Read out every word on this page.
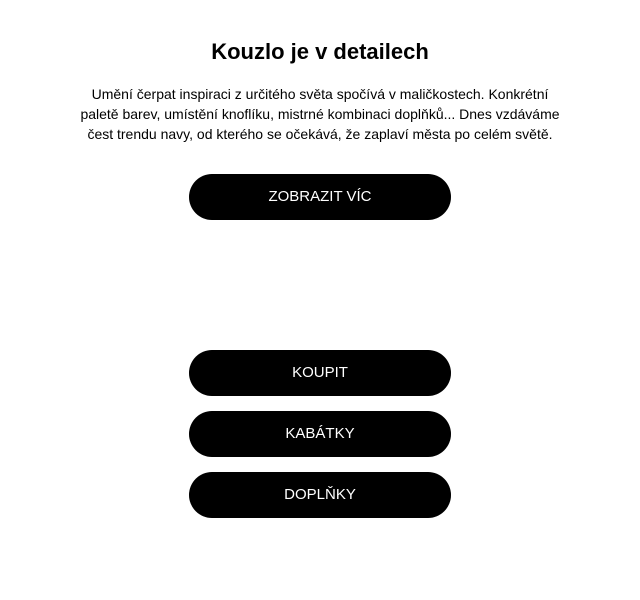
Kouzlo je v detailech

Umění čerpat inspiraci z určitého světa spočívá v maličkostech. Konkrétní paletě barev, umístění knoflíku, mistrné kombinaci doplňků... Dnes vzdáváme čest trendu navy, od kterého se očekává, že zaplaví města po celém světě.

ZOBRAZIT VÍC
KOUPIT
KABÁTKY
DOPLŇKY
